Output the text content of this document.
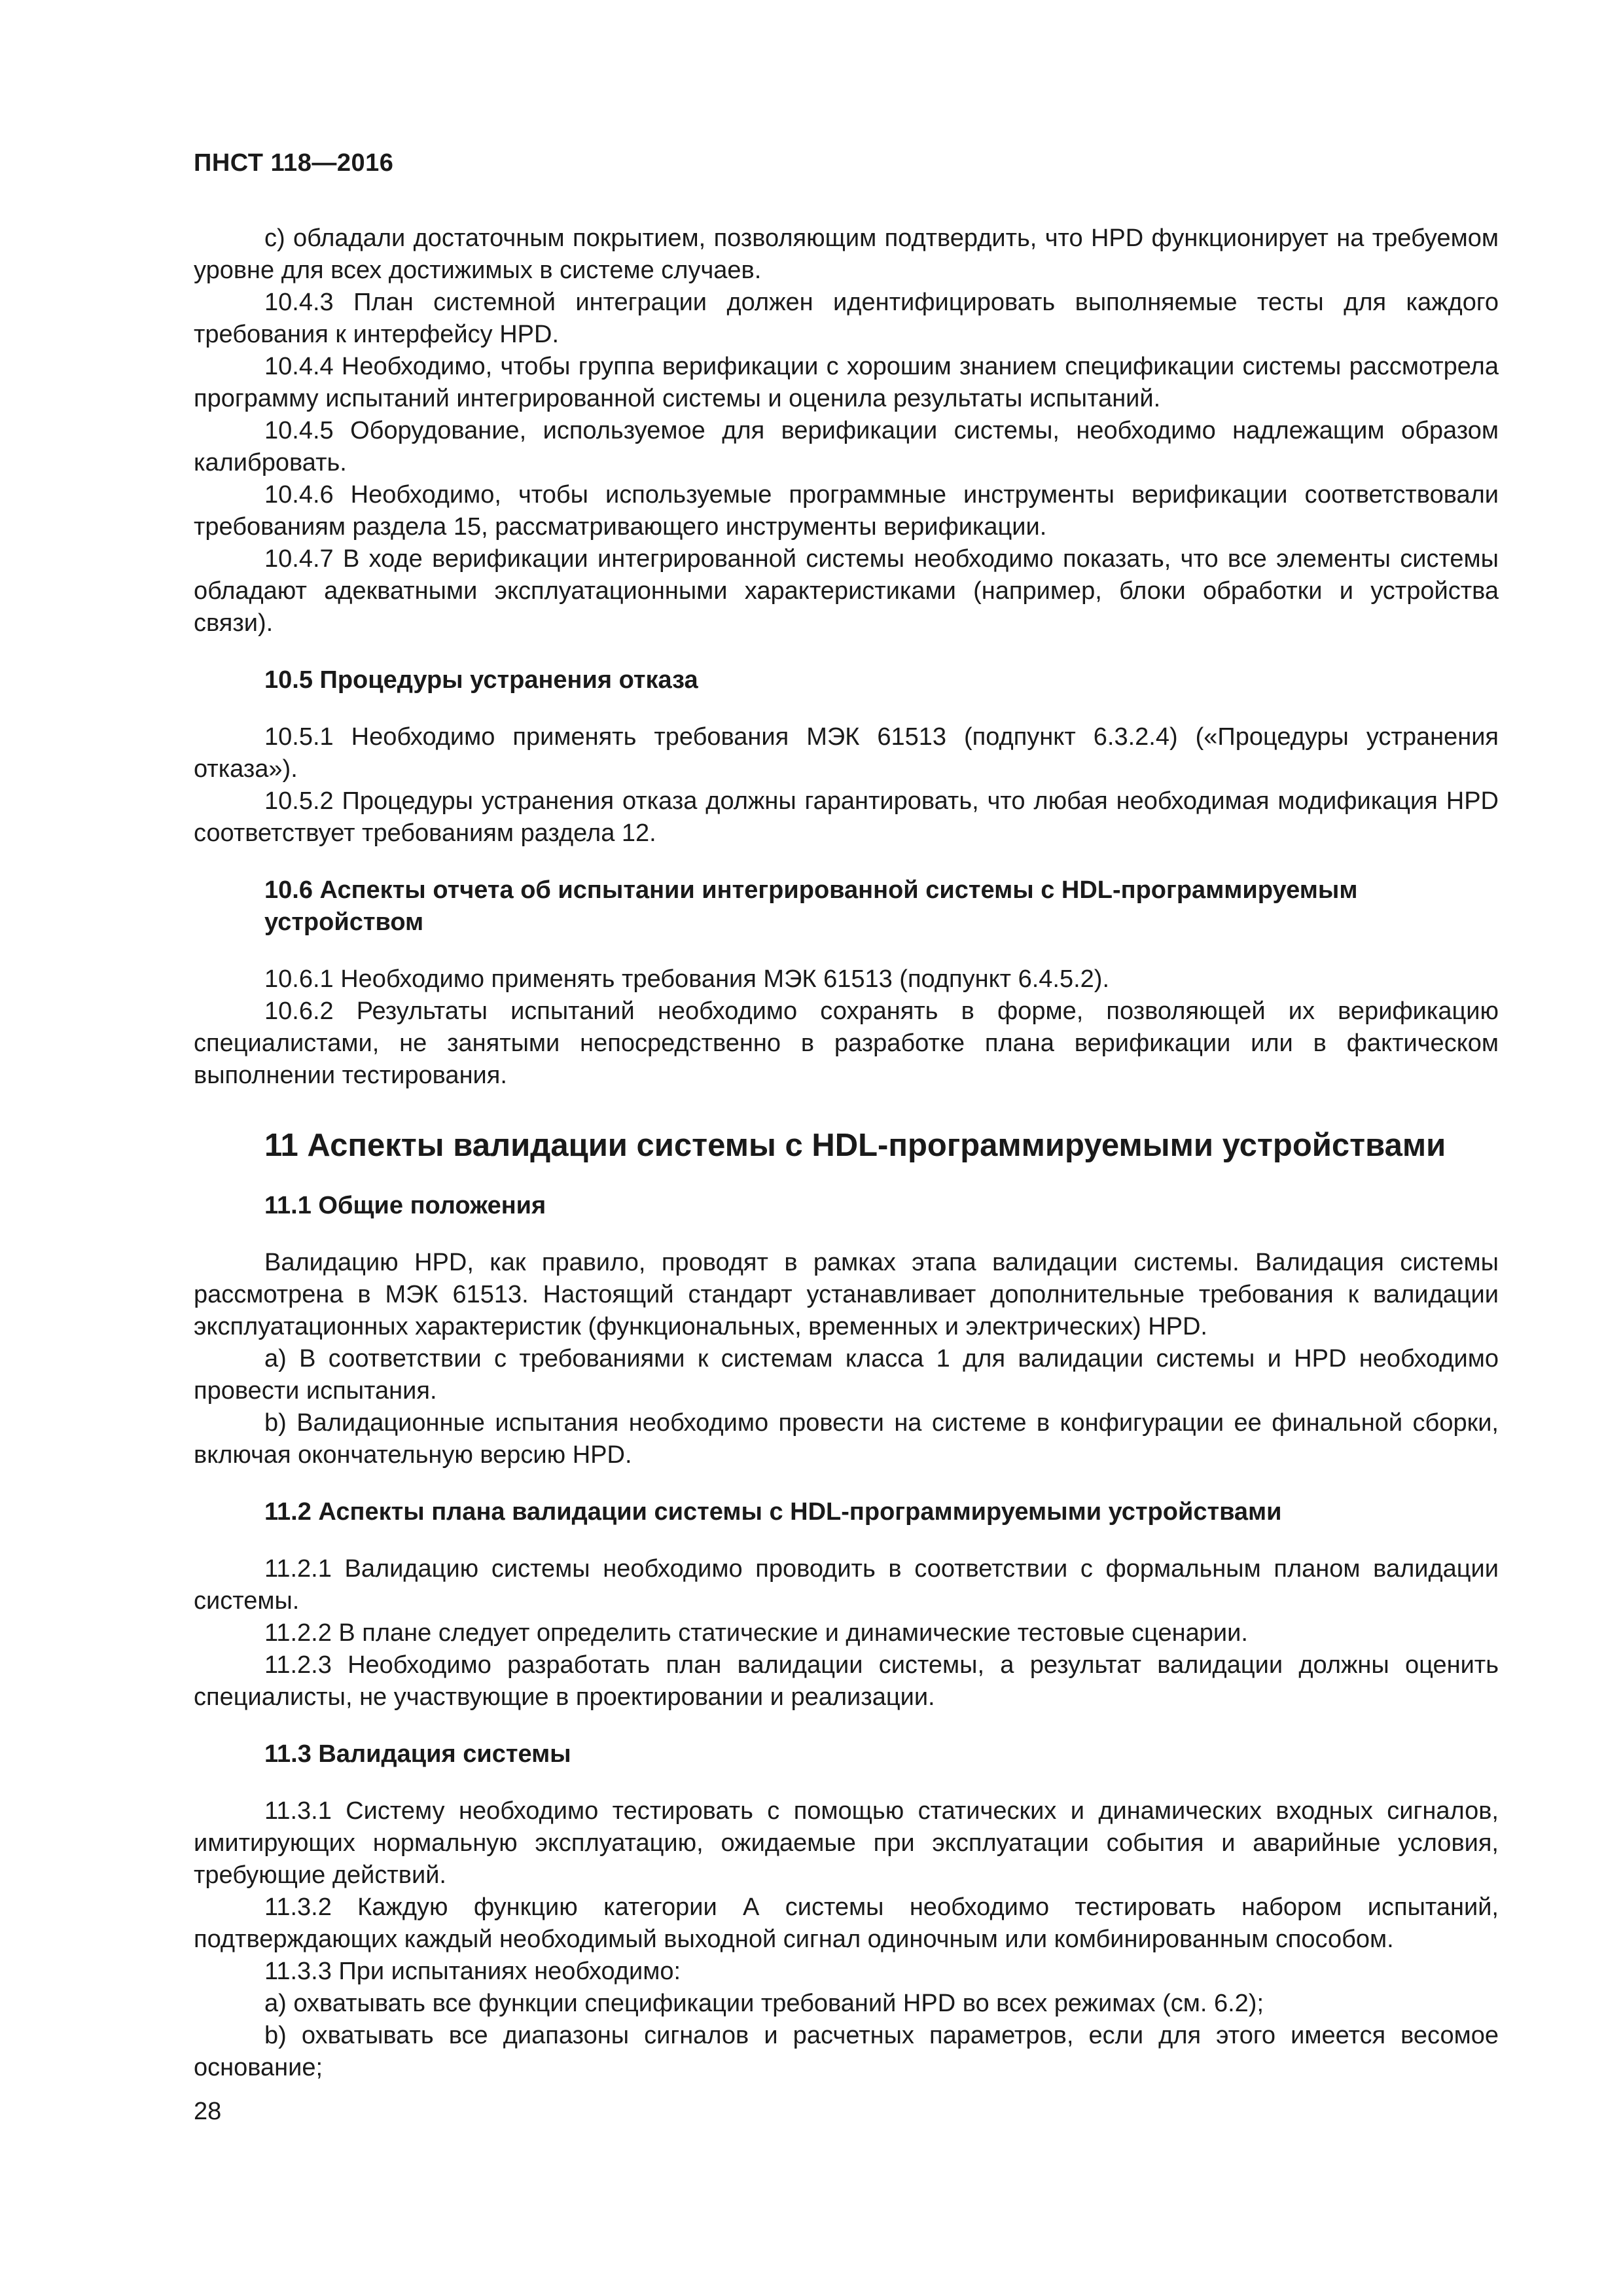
ПНСТ 118—2016
c) обладали достаточным покрытием, позволяющим подтвердить, что HPD функционирует на требуемом уровне для всех достижимых в системе случаев.
10.4.3 План системной интеграции должен идентифицировать выполняемые тесты для каждого требования к интерфейсу HPD.
10.4.4 Необходимо, чтобы группа верификации с хорошим знанием спецификации системы рассмотрела программу испытаний интегрированной системы и оценила результаты испытаний.
10.4.5 Оборудование, используемое для верификации системы, необходимо надлежащим образом калибровать.
10.4.6 Необходимо, чтобы используемые программные инструменты верификации соответствовали требованиям раздела 15, рассматривающего инструменты верификации.
10.4.7 В ходе верификации интегрированной системы необходимо показать, что все элементы системы обладают адекватными эксплуатационными характеристиками (например, блоки обработки и устройства связи).
10.5 Процедуры устранения отказа
10.5.1 Необходимо применять требования МЭК 61513 (подпункт 6.3.2.4) («Процедуры устранения отказа»).
10.5.2 Процедуры устранения отказа должны гарантировать, что любая необходимая модификация HPD соответствует требованиям раздела 12.
10.6 Аспекты отчета об испытании интегрированной системы с HDL-программируемым устройством
10.6.1 Необходимо применять требования МЭК 61513 (подпункт 6.4.5.2).
10.6.2 Результаты испытаний необходимо сохранять в форме, позволяющей их верификацию специалистами, не занятыми непосредственно в разработке плана верификации или в фактическом выполнении тестирования.
11 Аспекты валидации системы с HDL-программируемыми устройствами
11.1 Общие положения
Валидацию HPD, как правило, проводят в рамках этапа валидации системы. Валидация системы рассмотрена в МЭК 61513. Настоящий стандарт устанавливает дополнительные требования к валидации эксплуатационных характеристик (функциональных, временных и электрических) HPD.
a) В соответствии с требованиями к системам класса 1 для валидации системы и HPD необходимо провести испытания.
b) Валидационные испытания необходимо провести на системе в конфигурации ее финальной сборки, включая окончательную версию HPD.
11.2 Аспекты плана валидации системы с HDL-программируемыми устройствами
11.2.1 Валидацию системы необходимо проводить в соответствии с формальным планом валидации системы.
11.2.2 В плане следует определить статические и динамические тестовые сценарии.
11.2.3 Необходимо разработать план валидации системы, а результат валидации должны оценить специалисты, не участвующие в проектировании и реализации.
11.3 Валидация системы
11.3.1 Систему необходимо тестировать с помощью статических и динамических входных сигналов, имитирующих нормальную эксплуатацию, ожидаемые при эксплуатации события и аварийные условия, требующие действий.
11.3.2 Каждую функцию категории А системы необходимо тестировать набором испытаний, подтверждающих каждый необходимый выходной сигнал одиночным или комбинированным способом.
11.3.3 При испытаниях необходимо:
a) охватывать все функции спецификации требований HPD во всех режимах (см. 6.2);
b) охватывать все диапазоны сигналов и расчетных параметров, если для этого имеется весомое основание;
28
